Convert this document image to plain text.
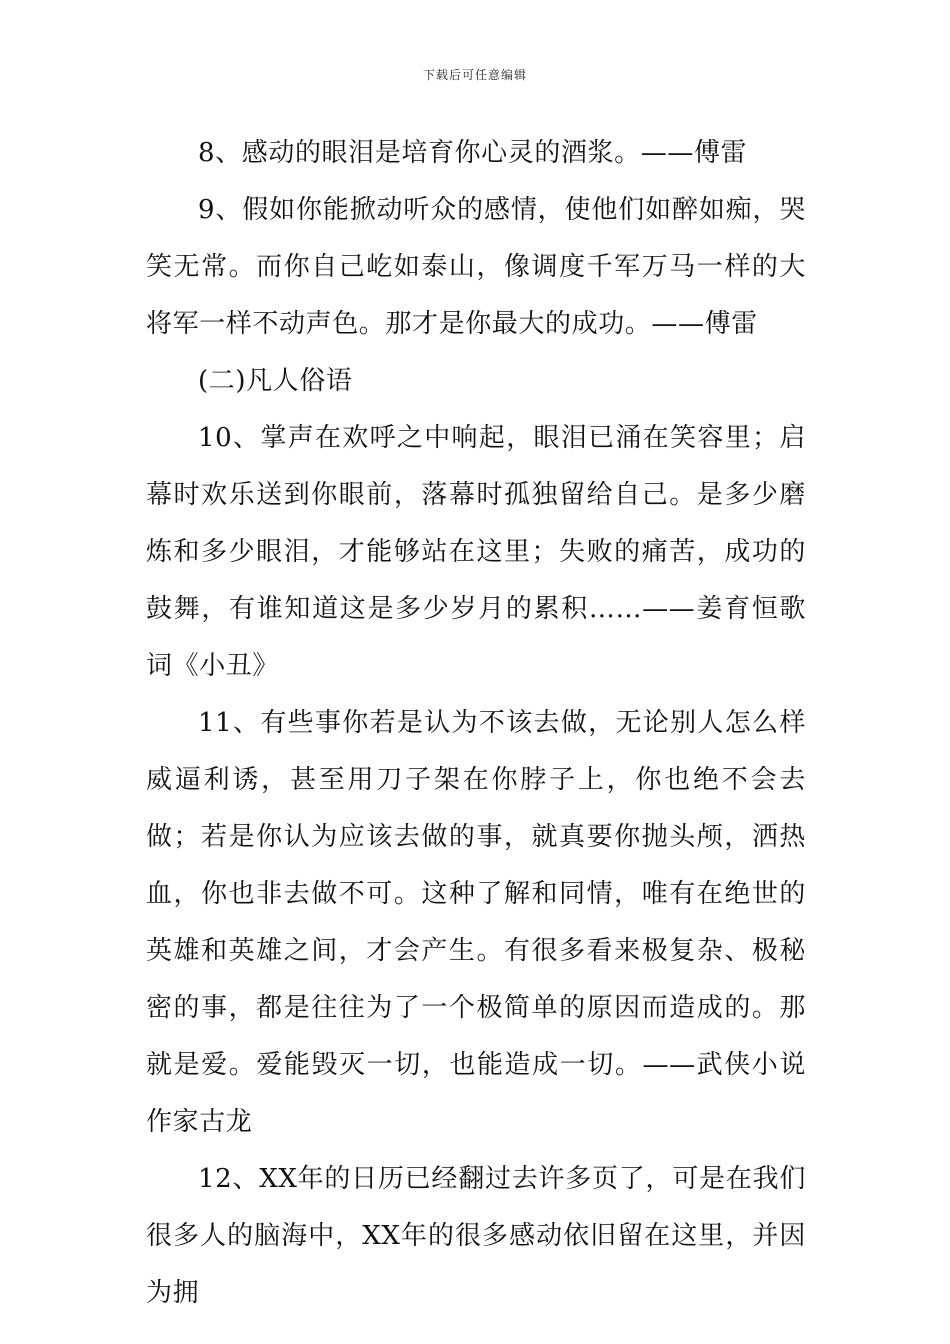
下载后可任意编辑

8、感动的眼泪是培育你心灵的酒浆。——傅雷

9、假如你能掀动听众的感情，使他们如醉如痴，哭笑无常。而你自己屹如泰山，像调度千军万马一样的大将军一样不动声色。那才是你最大的成功。——傅雷

(二)凡人俗语

10、掌声在欢呼之中响起，眼泪已涌在笑容里；启幕时欢乐送到你眼前，落幕时孤独留给自己。是多少磨炼和多少眼泪，才能够站在这里；失败的痛苦，成功的鼓舞，有谁知道这是多少岁月的累积……——姜育恒歌词《小丑》

11、有些事你若是认为不该去做，无论别人怎么样威逼利诱，甚至用刀子架在你脖子上，你也绝不会去做；若是你认为应该去做的事，就真要你抛头颅，洒热血，你也非去做不可。这种了解和同情，唯有在绝世的英雄和英雄之间，才会产生。有很多看来极复杂、极秘密的事，都是往往为了一个极简单的原因而造成的。那就是爱。爱能毁灭一切，也能造成一切。——武侠小说作家古龙

12、XX年的日历已经翻过去许多页了，可是在我们很多人的脑海中，XX年的很多感动依旧留在这里，并因为拥
